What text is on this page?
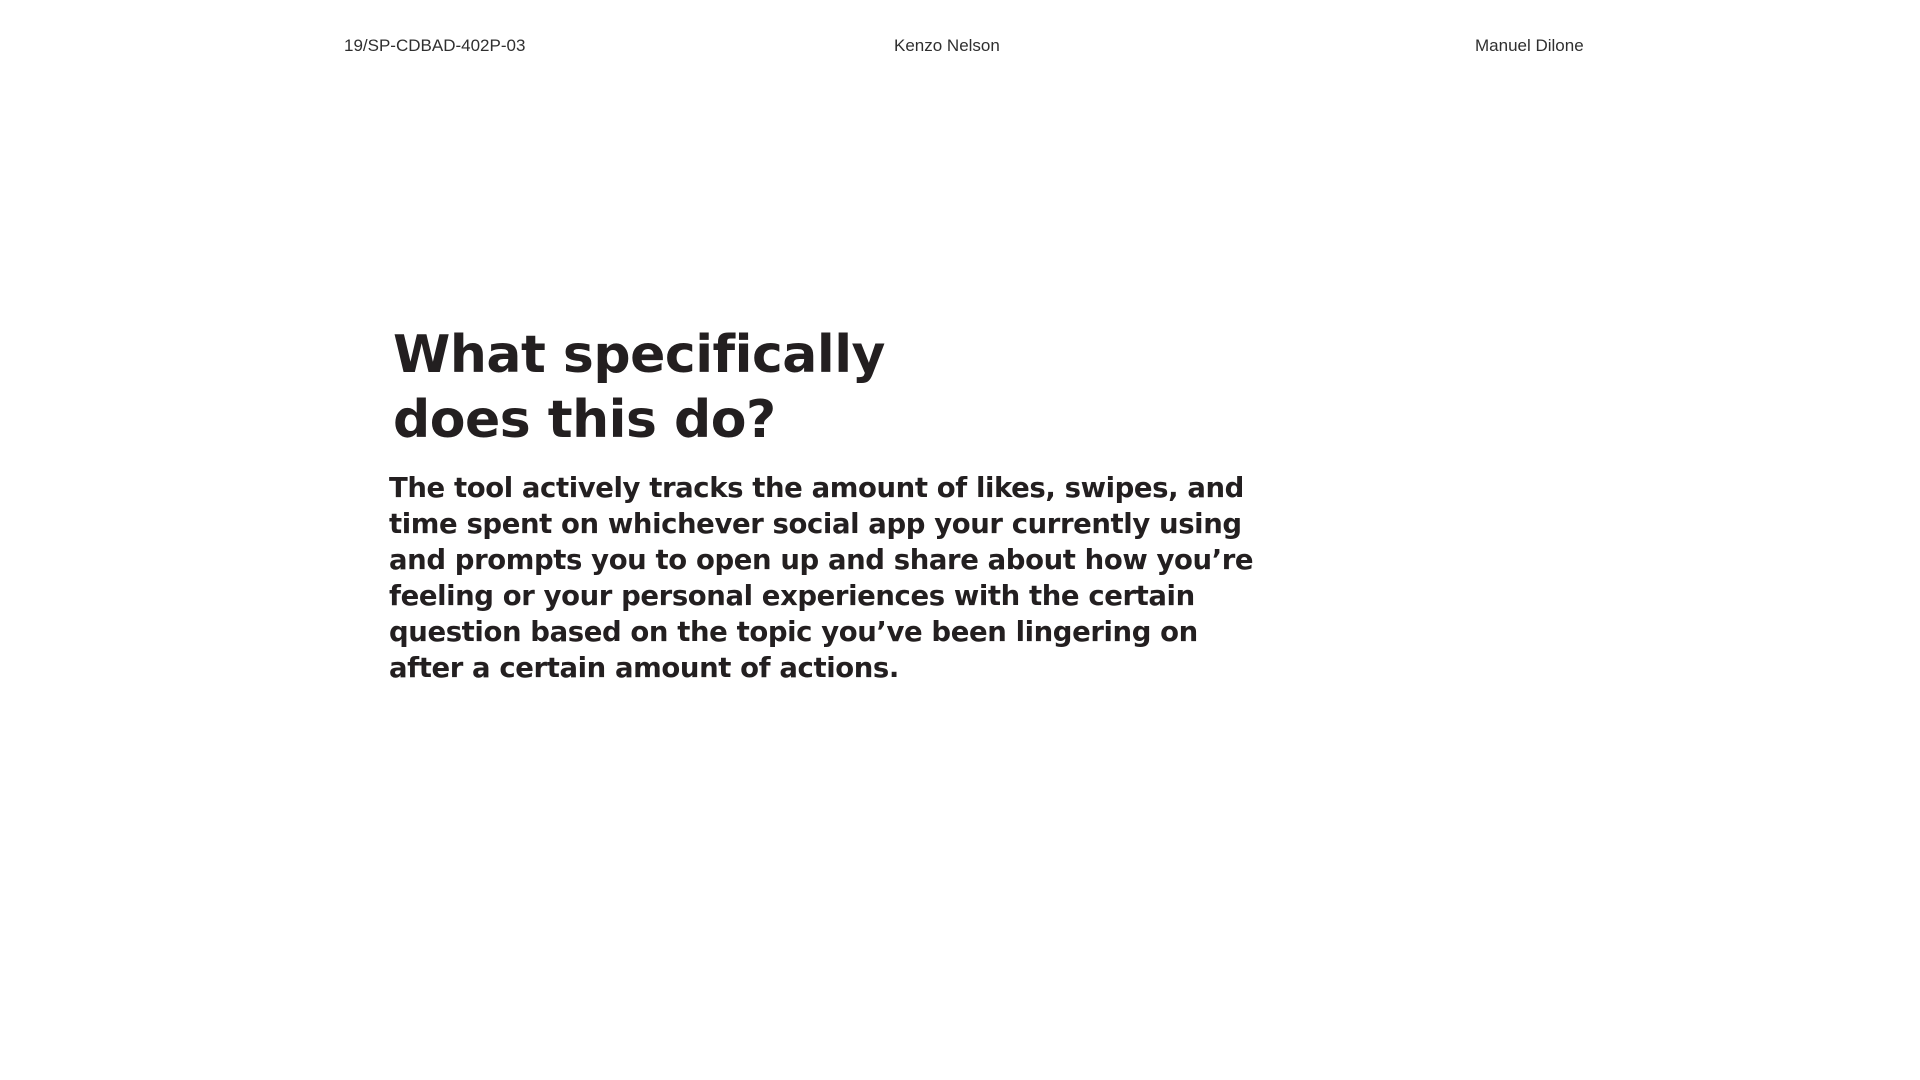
19/SP-CDBAD-402P-03	Kenzo Nelson	Manuel Dilone
What specifically
does this do?

The tool actively tracks the amount of likes, swipes, and
time spent on whichever social app your currently using
and prompts you to open up and share about how you’re
feeling or your personal experiences with the certain
question based on the topic you’ve been lingering on
after a certain amount of actions.
